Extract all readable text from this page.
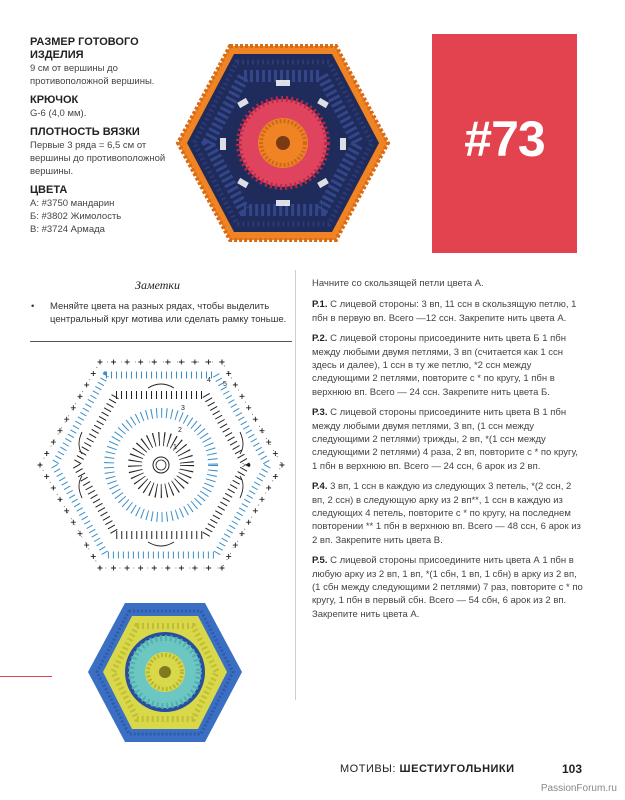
РАЗМЕР ГОТОВОГО ИЗДЕЛИЯ
9 см от вершины до противоположной вершины.
КРЮЧОК
G-6 (4,0 мм).
ПЛОТНОСТЬ ВЯЗКИ
Первые 3 ряда = 6,5 см от вершины до противоположной вершины.
ЦВЕТА
А: #3750 мандарин
Б: #3802 Жимолость
В: #3724 Армада
#73
Заметки
•	Меняйте цвета на разных рядах, чтобы выделить центральный круг мотива или сделать рамку тоньше.
1
2
3
4
5

Начните со скользящей петли цвета А.

Р.1. С лицевой стороны: 3 вп, 11 ссн в скользящую петлю, 1 пбн в первую вп. Всего —12 ссн. Закрепите нить цвета А.

Р.2. С лицевой стороны присоедините нить цвета Б 1 пбн между любыми двумя петлями, 3 вп (считается как 1 ссн здесь и далее), 1 ссн в ту же петлю, *2 ссн между следующими 2 петлями, повторите с * по кругу, 1 пбн в верхнюю вп. Всего — 24 ссн. Закрепите нить цвета Б.

Р.3. С лицевой стороны присоедините нить цвета В 1 пбн между любыми двумя петлями, 3 вп, (1 ссн между следующими 2 петлями) трижды, 2 вп, *(1 ссн между следующими 2 петлями) 4 раза, 2 вп, повторите с * по кругу, 1 пбн в верхнюю вп. Всего — 24 ссн, 6 арок из 2 вп.

Р.4. 3 вп, 1 ссн в каждую из следующих 3 петель, *(2 ссн, 2 вп, 2 ссн) в следующую арку из 2 вп**, 1 ссн в каждую из следующих 4 петель, повторите с * по кругу, на последнем повторении ** 1 пбн в верхнюю вп. Всего — 48 ссн, 6 арок из 2 вп. Закрепите нить цвета В.

Р.5. С лицевой стороны присоедините нить цвета А 1 пбн в любую арку из 2 вп, 1 вп, *(1 сбн, 1 вп, 1 сбн) в арку из 2 вп, (1 сбн между следующими 2 петлями) 7 раз, повторите с * по кругу, 1 пбн в первый сбн. Всего — 54 сбн, 6 арок из 2 вп. Закрепите нить цвета А.

МОТИВЫ: ШЕСТИУГОЛЬНИКИ	103
PassionForum.ru
